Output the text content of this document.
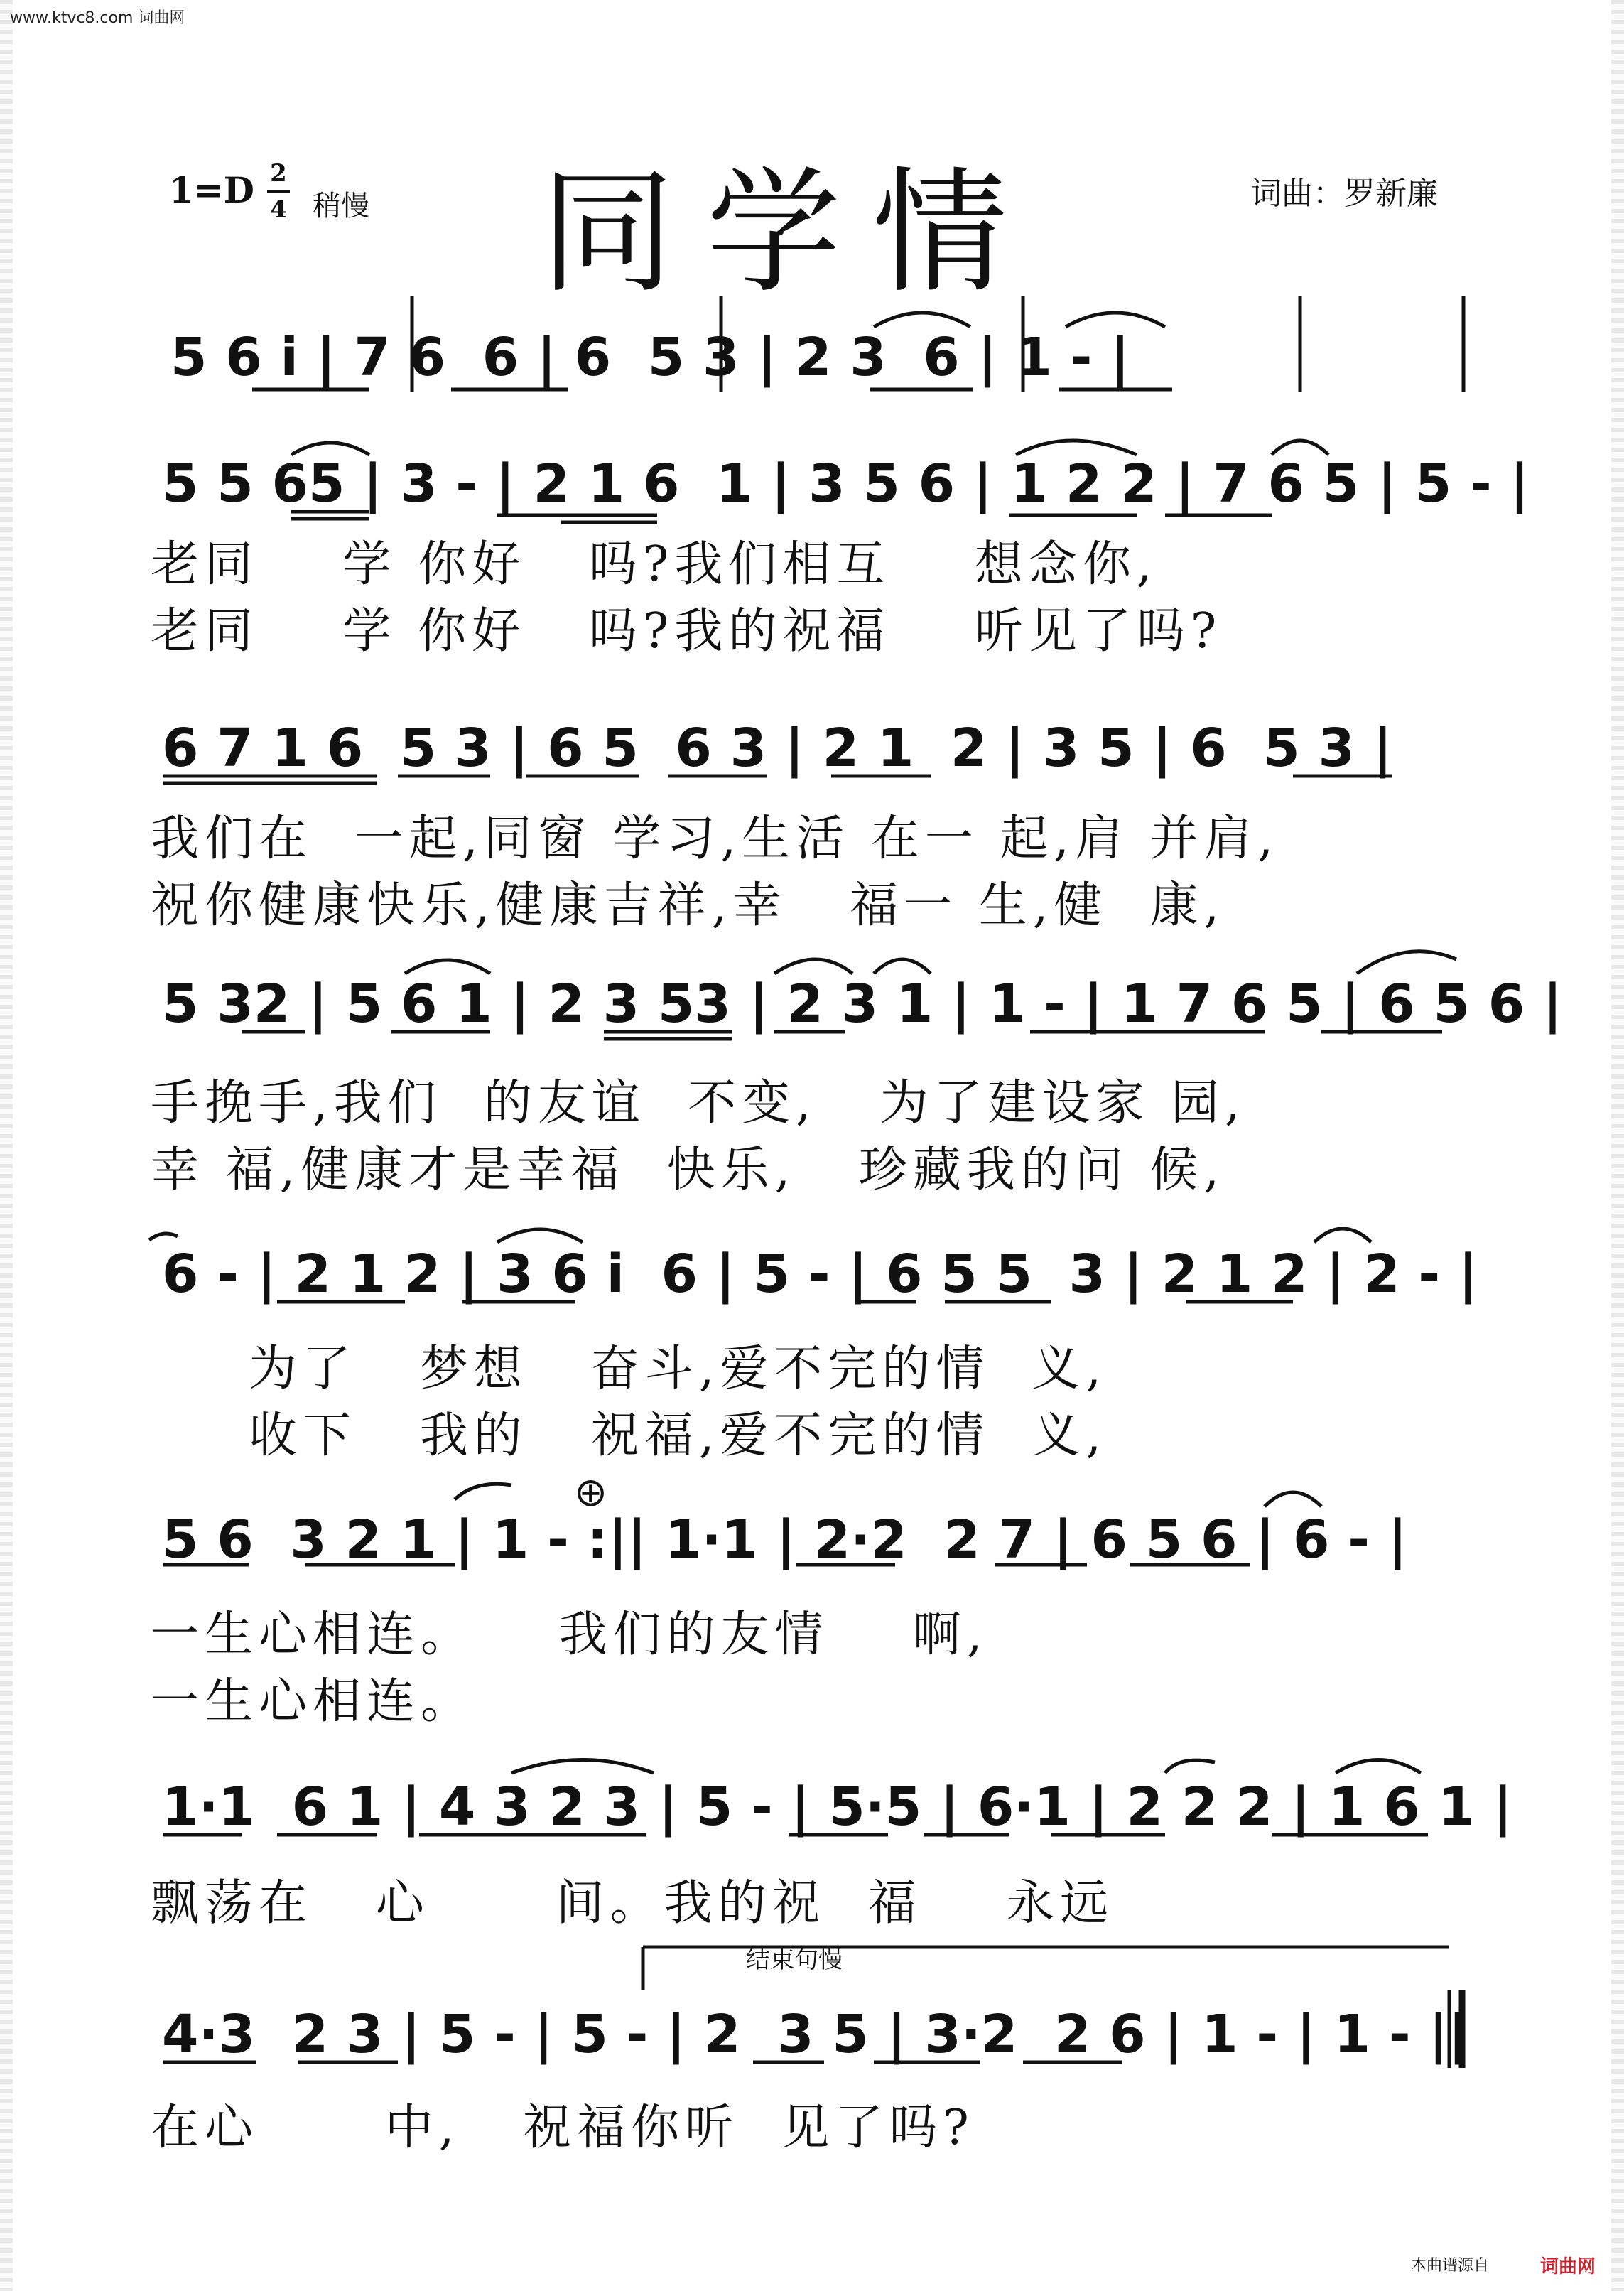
www.ktvc8.com 词曲网
1=D 2
4 稍慢 同学情	词曲：罗新廉
5 6 i | 7 6  6 | 6  5 3 | 2 3  6 | 1 - |
5 5 65 | 3 - | 2 1 6  1 | 3 5 6 | 1 2 2 | 7 6 5 | 5 - |
老同    学 你好   吗?我们相互    想念你,
老同    学 你好   吗?我的祝福    听见了吗?
6 7 1 6  5 3 | 6 5  6 3 | 2 1  2 | 3 5 | 6  5 3 |
我们在  一起,同窗 学习,生活 在一 起,肩 并肩,
祝你健康快乐,健康吉祥,幸   福一 生,健  康,
5 32 | 5 6 1 | 2 3 53 | 2 3 1 | 1 - | 1 7 6 5 | 6 5 6 |
手挽手,我们  的友谊  不变,   为了建设家 园,
幸 福,健康才是幸福  快乐,   珍藏我的问 候,
6 - | 2 1 2 | 3 6 i  6 | 5 - | 6 5 5  3 | 2 1 2 | 2 - |
为了   梦想   奋斗,爱不完的情  义,
收下   我的   祝福,爱不完的情  义,
5 6  3 2 1 | 1 - :|| 1·1 | 2·2  2 7 | 6 5 6 | 6 - |
⊕
一生心相连。    我们的友情    啊,
一生心相连。
1·1  6 1 | 4 3 2 3 | 5 - | 5·5 | 6·1 | 2 2 2 | 1 6 1 |
飘荡在   心      间。我的祝  福    永远
结束句慢
4·3  2 3 | 5 - | 5 - | 2  3 5 | 3·2  2 6 | 1 - | 1 - ||
在心      中,   祝福你听  见了吗?
本曲谱源自	词曲网
